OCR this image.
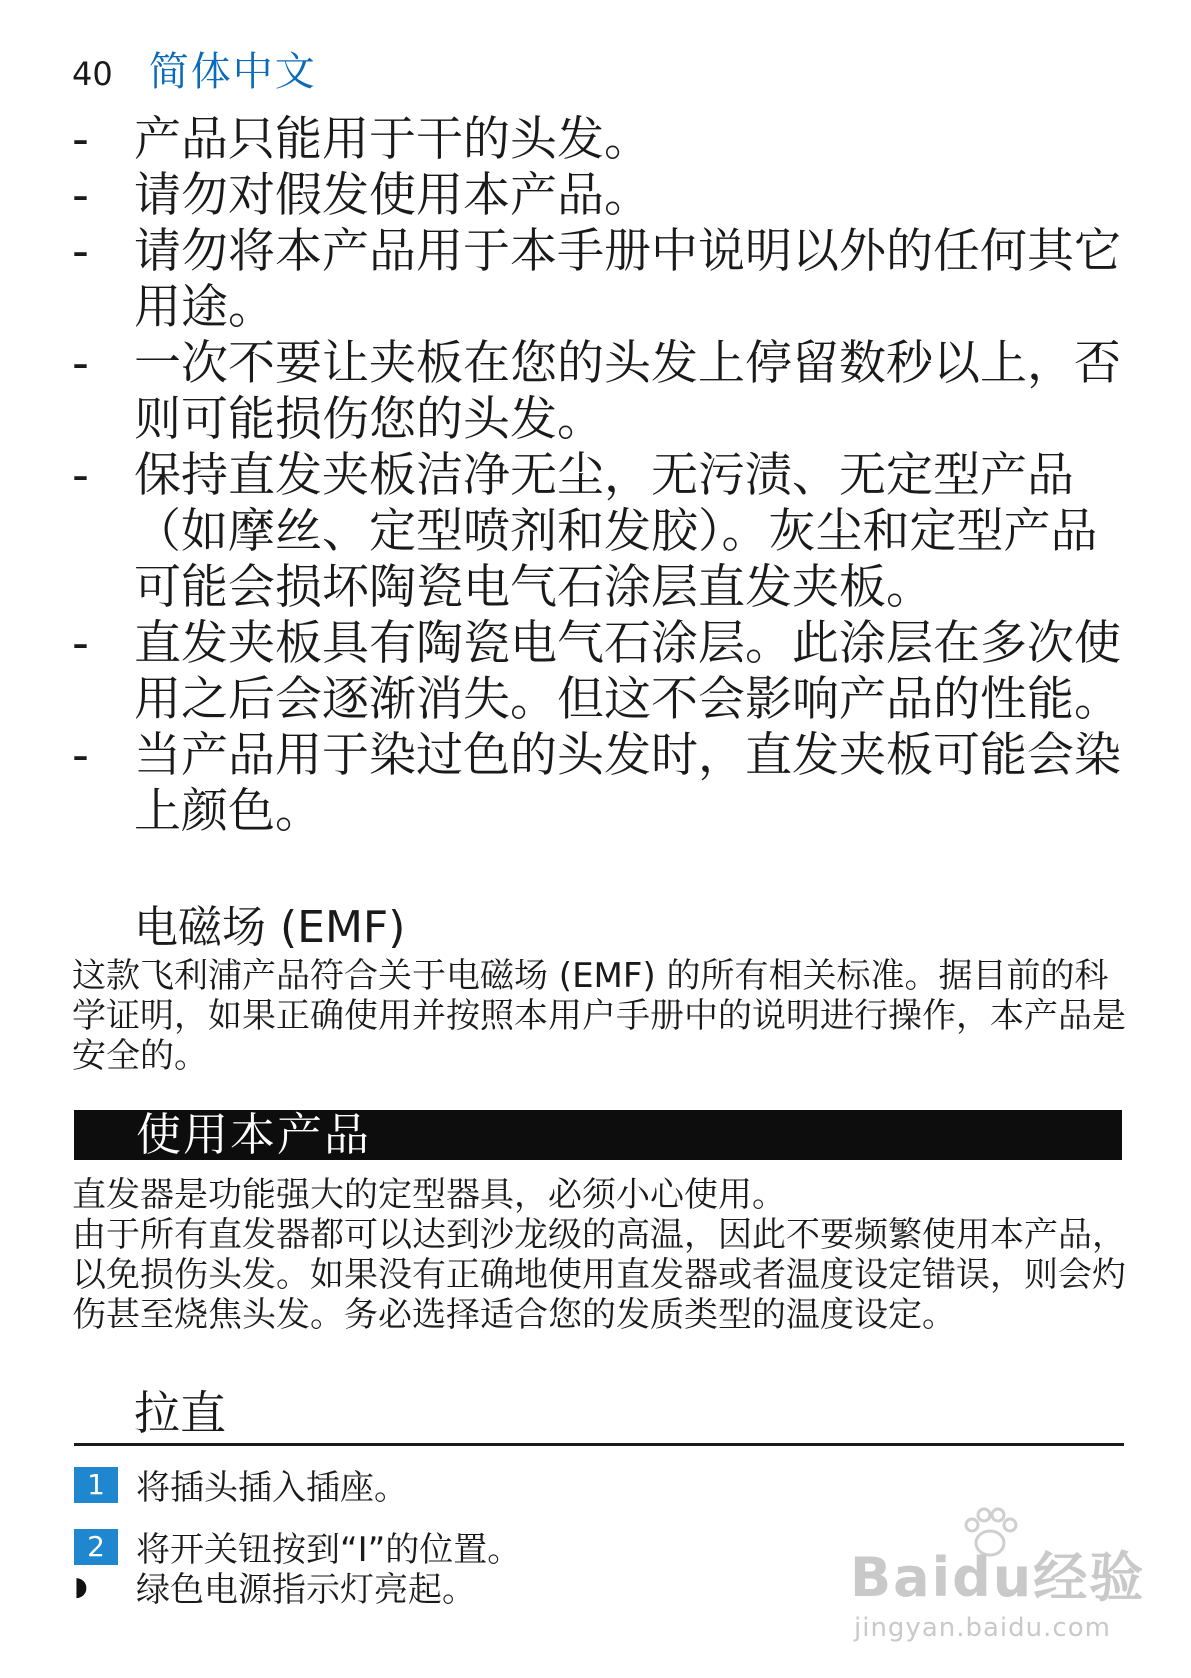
40 简体中文

- 产品只能用于干的头发。

- 请勿对假发使用本产品。

- 请勿将本产品用于本手册中说明以外的任何其它用途。

- 一次不要让夹板在您的头发上停留数秒以上，否则可能损伤您的头发。

- 保持直发夹板洁净无尘，无污渍、无定型产品（如摩丝、定型喷剂和发胶）。灰尘和定型产品可能会损坏陶瓷电气石涂层直发夹板。

- 直发夹板具有陶瓷电气石涂层。此涂层在多次使用之后会逐渐消失。但这不会影响产品的性能。

- 当产品用于染过色的头发时，直发夹板可能会染上颜色。

电磁场 (EMF)
这款飞利浦产品符合关于电磁场 (EMF) 的所有相关标准。据目前的科学证明，如果正确使用并按照本用户手册中的说明进行操作，本产品是安全的。
使用本产品

直发器是功能强大的定型器具，必须小心使用。

由于所有直发器都可以达到沙龙级的高温，因此不要频繁使用本产品，以免损伤头发。如果没有正确地使用直发器或者温度设定错误，则会灼伤甚至烧焦头发。务必选择适合您的发质类型的温度设定。

拉直
1 将插头插入插座。
2 将开关钮按到“I”的位置。
◗	绿色电源指示灯亮起。	Baidu经验
jingyan.baidu.com
